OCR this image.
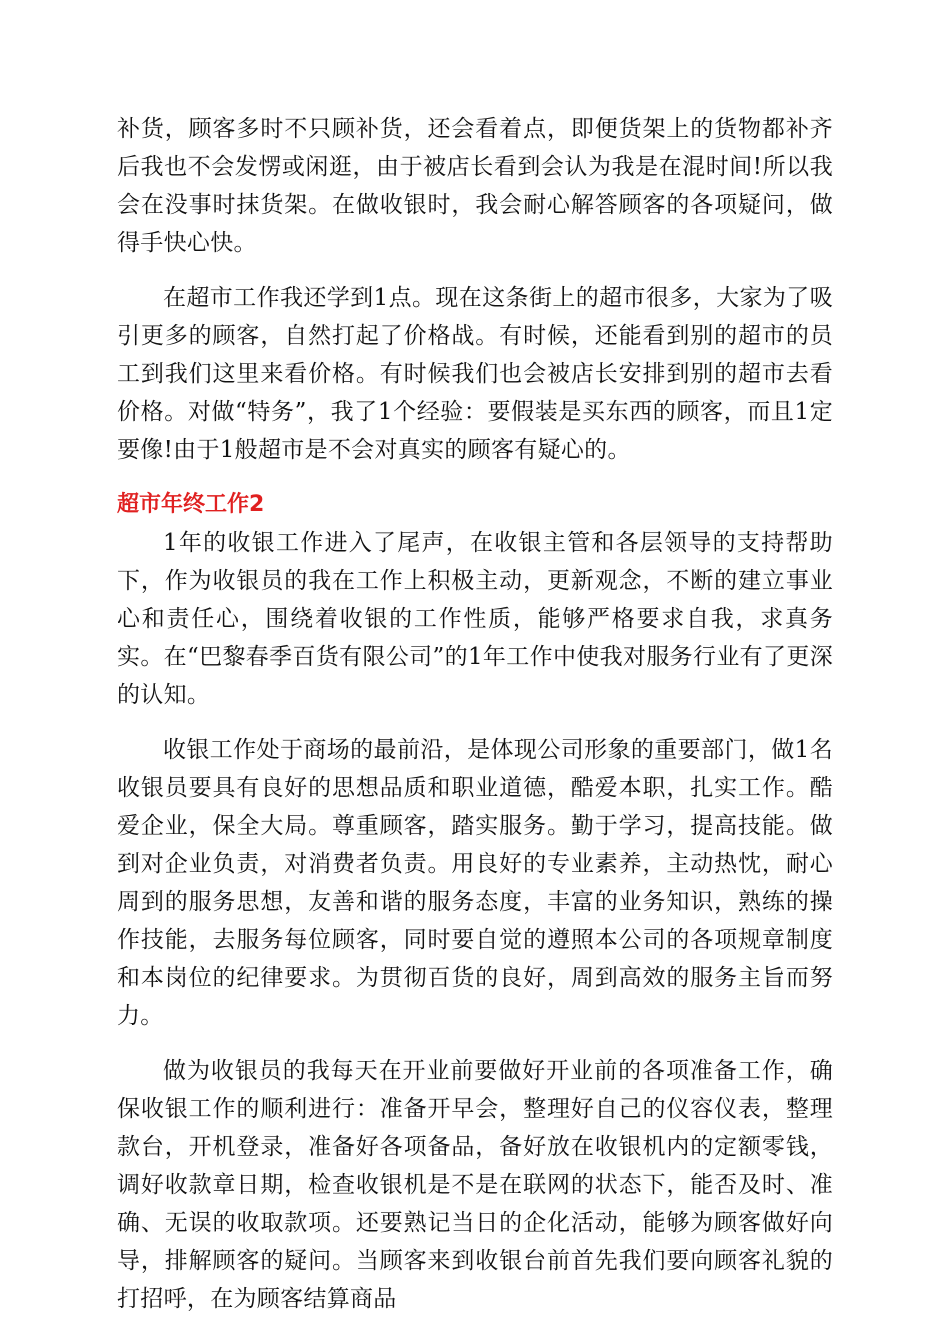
补货，顾客多时不只顾补货，还会看着点，即便货架上的货物都补齐后我也不会发愣或闲逛，由于被店长看到会认为我是在混时间!所以我会在没事时抹货架。在做收银时，我会耐心解答顾客的各项疑问，做得手快心快。

在超市工作我还学到1点。现在这条街上的超市很多，大家为了吸引更多的顾客，自然打起了价格战。有时候，还能看到别的超市的员工到我们这里来看价格。有时候我们也会被店长安排到别的超市去看价格。对做“特务”，我了1个经验：要假装是买东西的顾客，而且1定要像!由于1般超市是不会对真实的顾客有疑心的。

超市年终工作2

1年的收银工作进入了尾声，在收银主管和各层领导的支持帮助下，作为收银员的我在工作上积极主动，更新观念，不断的建立事业心和责任心，围绕着收银的工作性质，能够严格要求自我，求真务实。在“巴黎春季百货有限公司”的1年工作中使我对服务行业有了更深的认知。

收银工作处于商场的最前沿，是体现公司形象的重要部门，做1名收银员要具有良好的思想品质和职业道德，酷爱本职，扎实工作。酷爱企业，保全大局。尊重顾客，踏实服务。勤于学习，提高技能。做到对企业负责，对消费者负责。用良好的专业素养，主动热忱，耐心周到的服务思想，友善和谐的服务态度，丰富的业务知识，熟练的操作技能，去服务每位顾客，同时要自觉的遵照本公司的各项规章制度和本岗位的纪律要求。为贯彻百货的良好，周到高效的服务主旨而努力。

做为收银员的我每天在开业前要做好开业前的各项准备工作，确保收银工作的顺利进行：准备开早会，整理好自己的仪容仪表，整理款台，开机登录，准备好各项备品，备好放在收银机内的定额零钱，调好收款章日期，检查收银机是不是在联网的状态下，能否及时、准确、无误的收取款项。还要熟记当日的企化活动，能够为顾客做好向导，排解顾客的疑问。当顾客来到收银台前首先我们要向顾客礼貌的打招呼，在为顾客结算商品
